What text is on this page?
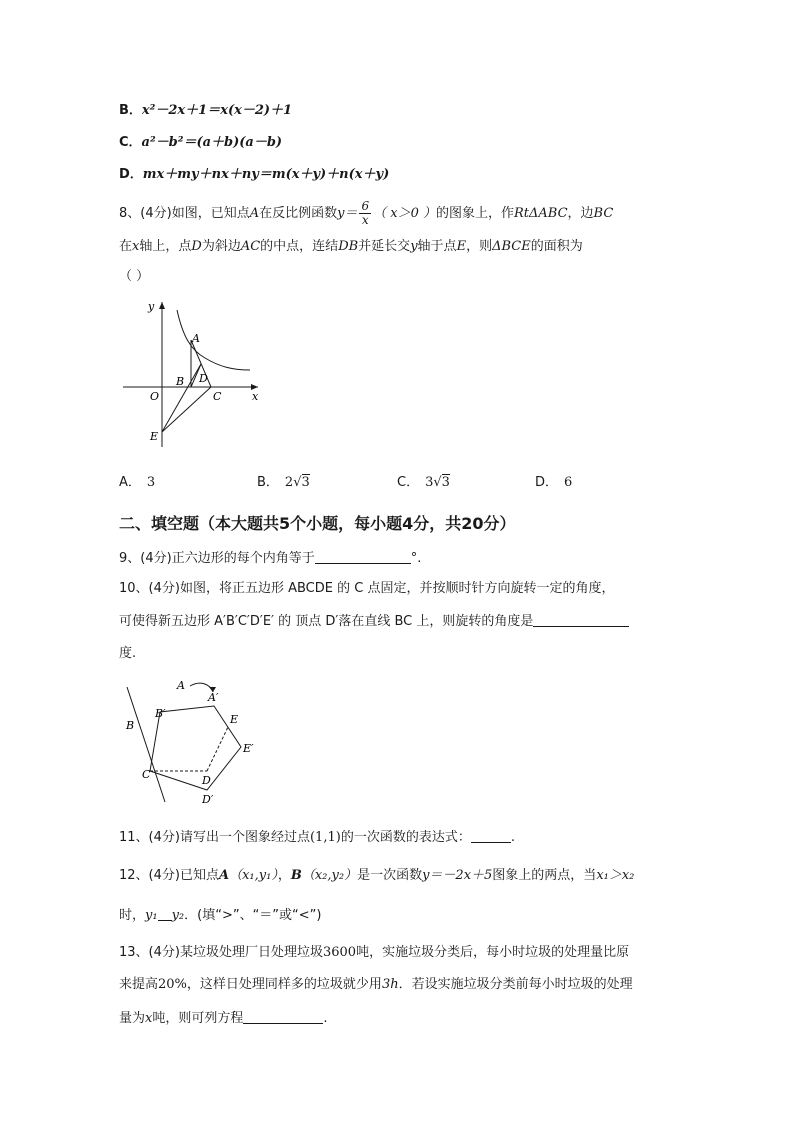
B．x²－2x＋1＝x(x－2)＋1
C．a²－b²＝(a＋b)(a－b)
D．mx＋my＋nx＋ny＝m(x＋y)＋n(x＋y)
8、(4分)如图，已知点A在反比例函数$y= \frac{6}{x}$ （ x＞0 ）的图象上，作RtΔABC，边BC
在x轴上，点D为斜边AC的中点，连结DB并延长交y轴于点E，则ΔBCE的面积为
（ ）
y
x
O
A
B D
C
E
A． 3	B． 2√3	C． 3√3	D． 6
二、填空题（本大题共5个小题，每小题4分，共20分）
9、(4分)正六边形的每个内角等于	°.
10、(4分)如图，将正五边形 ABCDE 的 C 点固定，并按顺时针方向旋转一定的角度，
可使得新五边形 A′B′C′D′E′ 的 顶点 D′落在直线 BC 上，则旋转的角度是
度.
A
A′
B
B′
C	D
D′
E
E′
11、(4分)请写出一个图象经过点(1,1)的一次函数的表达式：	.
12、(4分)已知点A（x₁,y₁），B（x₂,y₂）是一次函数y＝－2x＋5图象上的两点，当x₁＞x₂
时，y₁ y₂．(填“>”、“＝”或“<”)
13、(4分)某垃圾处理厂日处理垃圾3600吨，实施垃圾分类后，每小时垃圾的处理量比原
来提高20%，这样日处理同样多的垃圾就少用3h．若设实施垃圾分类前每小时垃圾的处理
量为x吨，则可列方程	.
